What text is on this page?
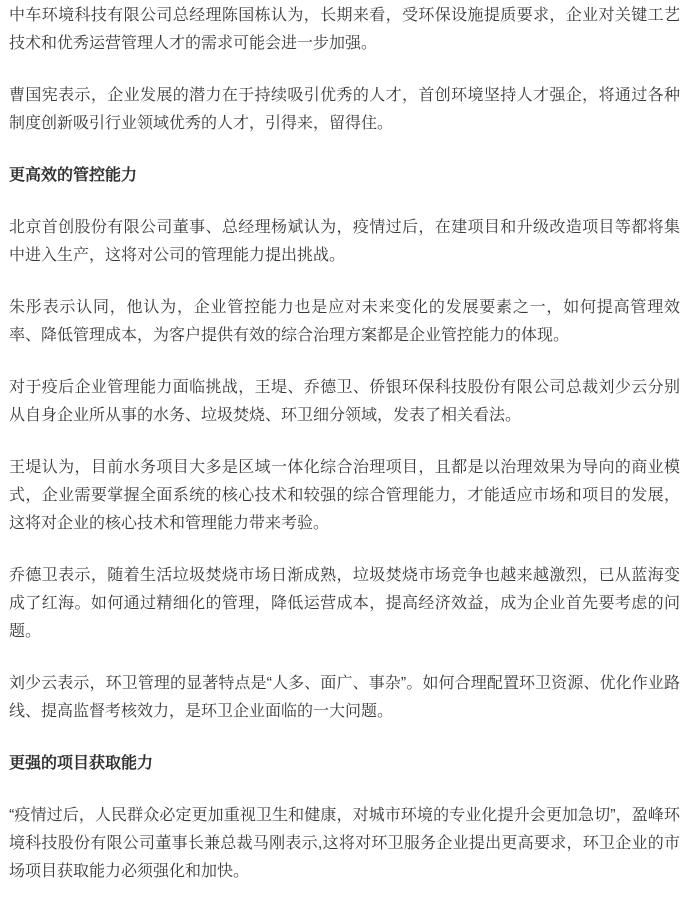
中车环境科技有限公司总经理陈国栋认为，长期来看，受环保设施提质要求，企业对关键工艺技术和优秀运营管理人才的需求可能会进一步加强。

曹国宪表示，企业发展的潜力在于持续吸引优秀的人才，首创环境坚持人才强企，将通过各种制度创新吸引行业领域优秀的人才，引得来，留得住。

更高效的管控能力

北京首创股份有限公司董事、总经理杨斌认为，疫情过后，在建项目和升级改造项目等都将集中进入生产，这将对公司的管理能力提出挑战。

朱彤表示认同，他认为，企业管控能力也是应对未来变化的发展要素之一，如何提高管理效率、降低管理成本，为客户提供有效的综合治理方案都是企业管控能力的体现。

对于疫后企业管理能力面临挑战，王堤、乔德卫、侨银环保科技股份有限公司总裁刘少云分别从自身企业所从事的水务、垃圾焚烧、环卫细分领域，发表了相关看法。

王堤认为，目前水务项目大多是区域一体化综合治理项目，且都是以治理效果为导向的商业模式，企业需要掌握全面系统的核心技术和较强的综合管理能力，才能适应市场和项目的发展，这将对企业的核心技术和管理能力带来考验。

乔德卫表示，随着生活垃圾焚烧市场日渐成熟，垃圾焚烧市场竞争也越来越激烈，已从蓝海变成了红海。如何通过精细化的管理，降低运营成本，提高经济效益，成为企业首先要考虑的问题。

刘少云表示，环卫管理的显著特点是“人多、面广、事杂”。如何合理配置环卫资源、优化作业路线、提高监督考核效力，是环卫企业面临的一大问题。

更强的项目获取能力

“疫情过后，人民群众必定更加重视卫生和健康，对城市环境的专业化提升会更加急切”，盈峰环境科技股份有限公司董事长兼总裁马刚表示,这将对环卫服务企业提出更高要求，环卫企业的市场项目获取能力必须强化和加快。
